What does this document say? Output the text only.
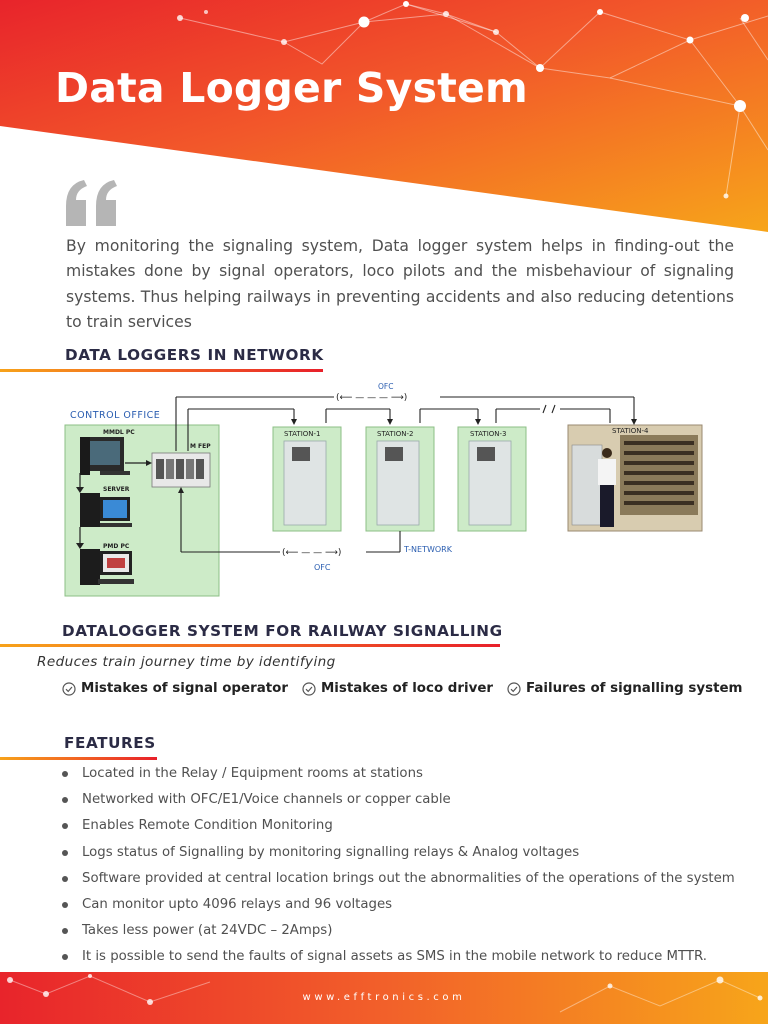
Data Logger System

By monitoring the signaling system, Data logger system helps in finding-out the mistakes done by signal operators, loco pilots and the misbehaviour of signaling systems. Thus helping railways in preventing accidents and also reducing detentions to train services

DATA LOGGERS IN NETWORK
CONTROL OFFICE
MMDL PC
M FEP
SERVER
PMD PC
STATION-1	STATION-2	STATION-3	STATION-4
(⟵ — — — ⟶)
OFC
(⟵ — — ⟶)
OFC
T-NETWORK
DATALOGGER SYSTEM FOR RAILWAY SIGNALLING

Reduces train journey time by identifying

Mistakes of signal operator Mistakes of loco driver Failures of signalling system
FEATURES
Located in the Relay / Equipment rooms at stations
Networked with OFC/E1/Voice channels or copper cable
Enables Remote Condition Monitoring
Logs status of Signalling by monitoring signalling relays & Analog voltages
Software provided at central location brings out the abnormalities of the operations of the system
Can monitor upto 4096 relays and 96 voltages
Takes less power (at 24VDC – 2Amps)
It is possible to send the faults of signal assets as SMS in the mobile network to reduce MTTR.
www.efftronics.com
